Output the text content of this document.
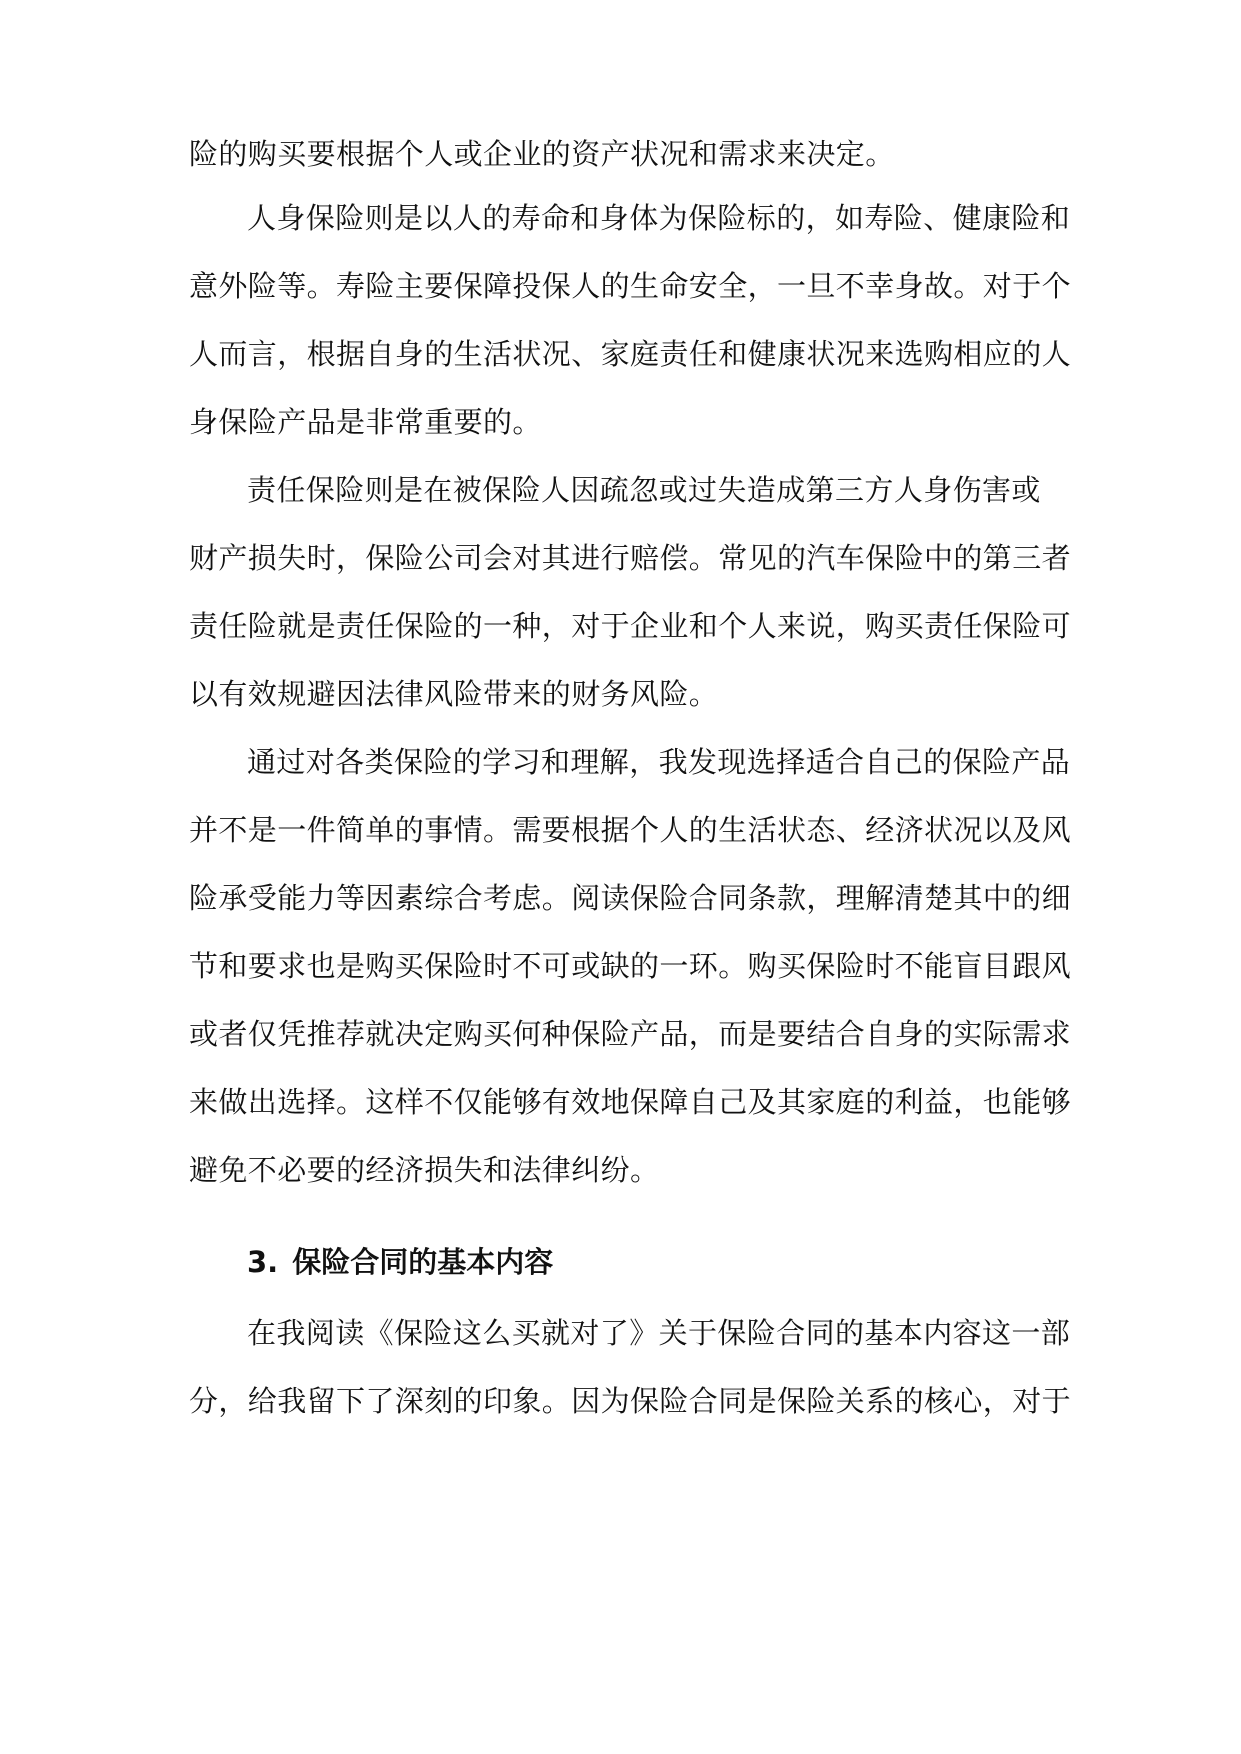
险的购买要根据个人或企业的资产状况和需求来决定。
人身保险则是以人的寿命和身体为保险标的，如寿险、健康险和
意外险等。寿险主要保障投保人的生命安全，一旦不幸身故。对于个
人而言，根据自身的生活状况、家庭责任和健康状况来选购相应的人
身保险产品是非常重要的。
责任保险则是在被保险人因疏忽或过失造成第三方人身伤害或
财产损失时，保险公司会对其进行赔偿。常见的汽车保险中的第三者
责任险就是责任保险的一种，对于企业和个人来说，购买责任保险可
以有效规避因法律风险带来的财务风险。
通过对各类保险的学习和理解，我发现选择适合自己的保险产品
并不是一件简单的事情。需要根据个人的生活状态、经济状况以及风
险承受能力等因素综合考虑。阅读保险合同条款，理解清楚其中的细
节和要求也是购买保险时不可或缺的一环。购买保险时不能盲目跟风
或者仅凭推荐就决定购买何种保险产品，而是要结合自身的实际需求
来做出选择。这样不仅能够有效地保障自己及其家庭的利益，也能够
避免不必要的经济损失和法律纠纷。
3. 保险合同的基本内容
在我阅读《保险这么买就对了》关于保险合同的基本内容这一部
分，给我留下了深刻的印象。因为保险合同是保险关系的核心，对于
